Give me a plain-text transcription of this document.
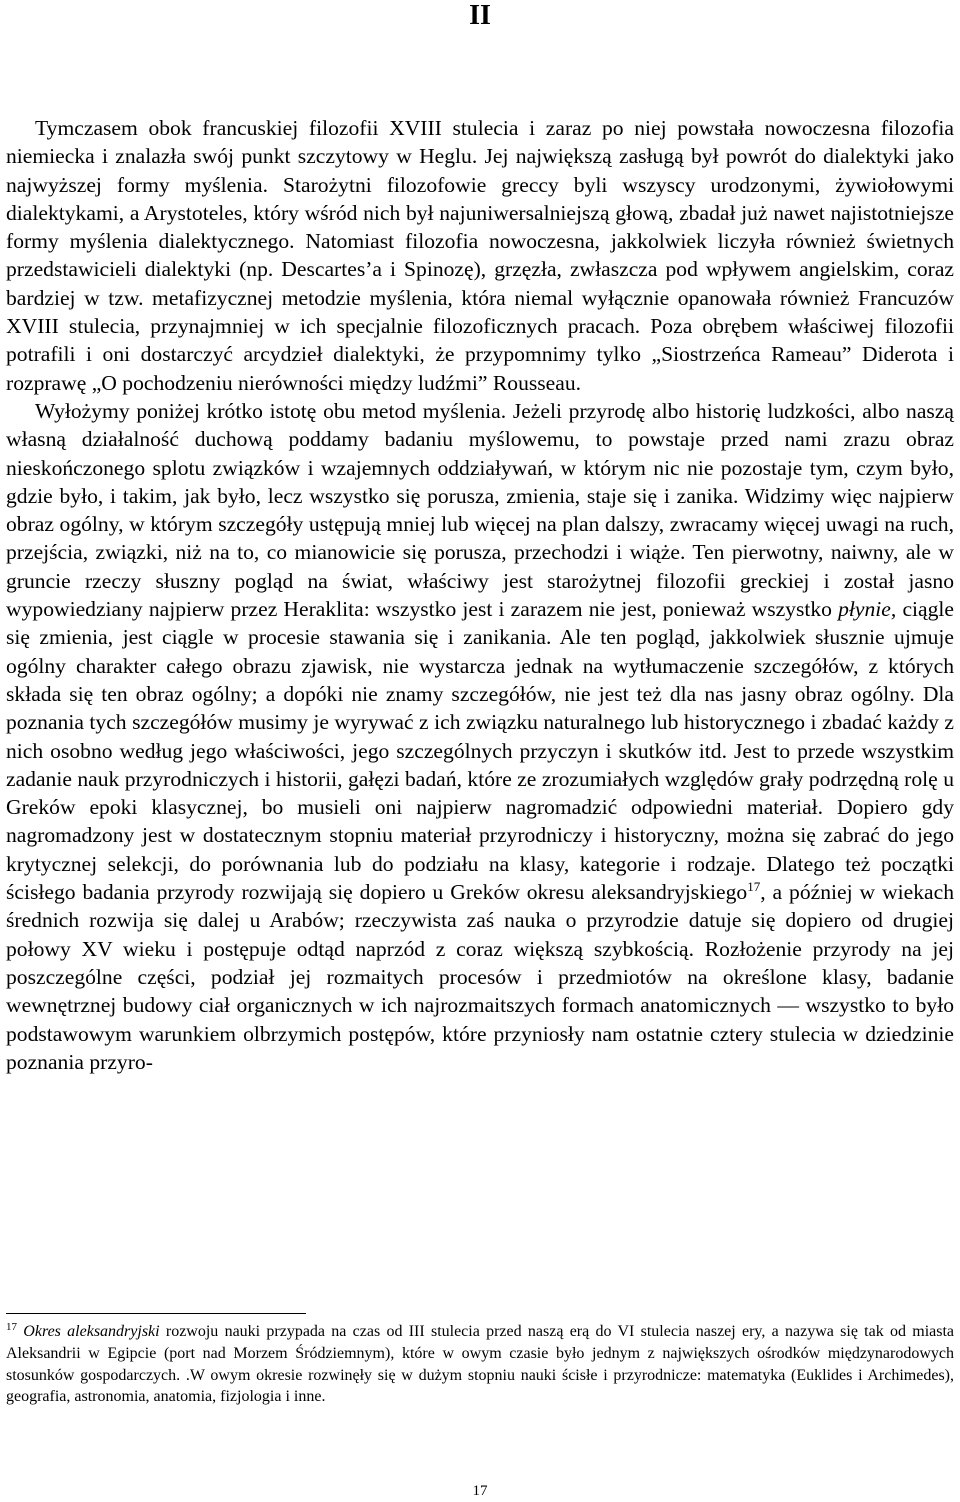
II

Tymczasem obok francuskiej filozofii XVIII stulecia i zaraz po niej powstała nowoczesna filozofia niemiecka i znalazła swój punkt szczytowy w Heglu. Jej największą zasługą był powrót do dialektyki jako najwyższej formy myślenia. Starożytni filozofowie greccy byli wszyscy urodzonymi, żywiołowymi dialektykami, a Arystoteles, który wśród nich był najuniwersalniejszą głową, zbadał już nawet najistotniejsze formy myślenia dialektycznego. Natomiast filozofia nowoczesna, jakkolwiek liczyła również świetnych przedstawicieli dialektyki (np. Descartes’a i Spinozę), grzęzła, zwłaszcza pod wpływem angielskim, coraz bardziej w tzw. metafizycznej metodzie myślenia, która niemal wyłącznie opanowała również Francuzów XVIII stulecia, przynajmniej w ich specjalnie filozoficznych pracach. Poza obrębem właściwej filozofii potrafili i oni dostarczyć arcydzieł dialektyki, że przypomnimy tylko „Siostrzeńca Rameau” Diderota i rozprawę „O pochodzeniu nierówności między ludźmi” Rousseau.

Wyłożymy poniżej krótko istotę obu metod myślenia. Jeżeli przyrodę albo historię ludzkości, albo naszą własną działalność duchową poddamy badaniu myślowemu, to powstaje przed nami zrazu obraz nieskończonego splotu związków i wzajemnych oddziaływań, w którym nic nie pozostaje tym, czym było, gdzie było, i takim, jak było, lecz wszystko się porusza, zmienia, staje się i zanika. Widzimy więc najpierw obraz ogólny, w którym szczegóły ustępują mniej lub więcej na plan dalszy, zwracamy więcej uwagi na ruch, przejścia, związki, niż na to, co mianowicie się porusza, przechodzi i wiąże. Ten pierwotny, naiwny, ale w gruncie rzeczy słuszny pogląd na świat, właściwy jest starożytnej filozofii greckiej i został jasno wypowiedziany najpierw przez Heraklita: wszystko jest i zarazem nie jest, ponieważ wszystko płynie, ciągle się zmienia, jest ciągle w procesie stawania się i zanikania. Ale ten pogląd, jakkolwiek słusznie ujmuje ogólny charakter całego obrazu zjawisk, nie wystarcza jednak na wytłumaczenie szczegółów, z których składa się ten obraz ogólny; a dopóki nie znamy szczegółów, nie jest też dla nas jasny obraz ogólny. Dla poznania tych szczegółów musimy je wyrywać z ich związku naturalnego lub historycznego i zbadać każdy z nich osobno według jego właściwości, jego szczególnych przyczyn i skutków itd. Jest to przede wszystkim zadanie nauk przyrodniczych i historii, gałęzi badań, które ze zrozumiałych względów grały podrzędną rolę u Greków epoki klasycznej, bo musieli oni najpierw nagromadzić odpowiedni materiał. Dopiero gdy nagromadzony jest w dostatecznym stopniu materiał przyrodniczy i historyczny, można się zabrać do jego krytycznej selekcji, do porównania lub do podziału na klasy, kategorie i rodzaje. Dlatego też początki ścisłego badania przyrody rozwijają się dopiero u Greków okresu aleksandryjskiego$^{17}$, a później w wiekach średnich rozwija się dalej u Arabów; rzeczywista zaś nauka o przyrodzie datuje się dopiero od drugiej połowy XV wieku i postępuje odtąd naprzód z coraz większą szybkością. Rozłożenie przyrody na jej poszczególne części, podział jej rozmaitych procesów i przedmiotów na określone klasy, badanie wewnętrznej budowy ciał organicznych w ich najrozmaitszych formach anatomicznych — wszystko to było podstawowym warunkiem olbrzymich postępów, które przyniosły nam ostatnie cztery stulecia w dziedzinie poznania przyro-

$^{17}$ Okres aleksandryjski rozwoju nauki przypada na czas od III stulecia przed naszą erą do VI stulecia naszej ery, a nazywa się tak od miasta Aleksandrii w Egipcie (port nad Morzem Śródziemnym), które w owym czasie było jednym z największych ośrodków międzynarodowych stosunków gospodarczych. .W owym okresie rozwinęły się w dużym stopniu nauki ścisłe i przyrodnicze: matematyka (Euklides i Archimedes), geografia, astronomia, anatomia, fizjologia i inne.

17
